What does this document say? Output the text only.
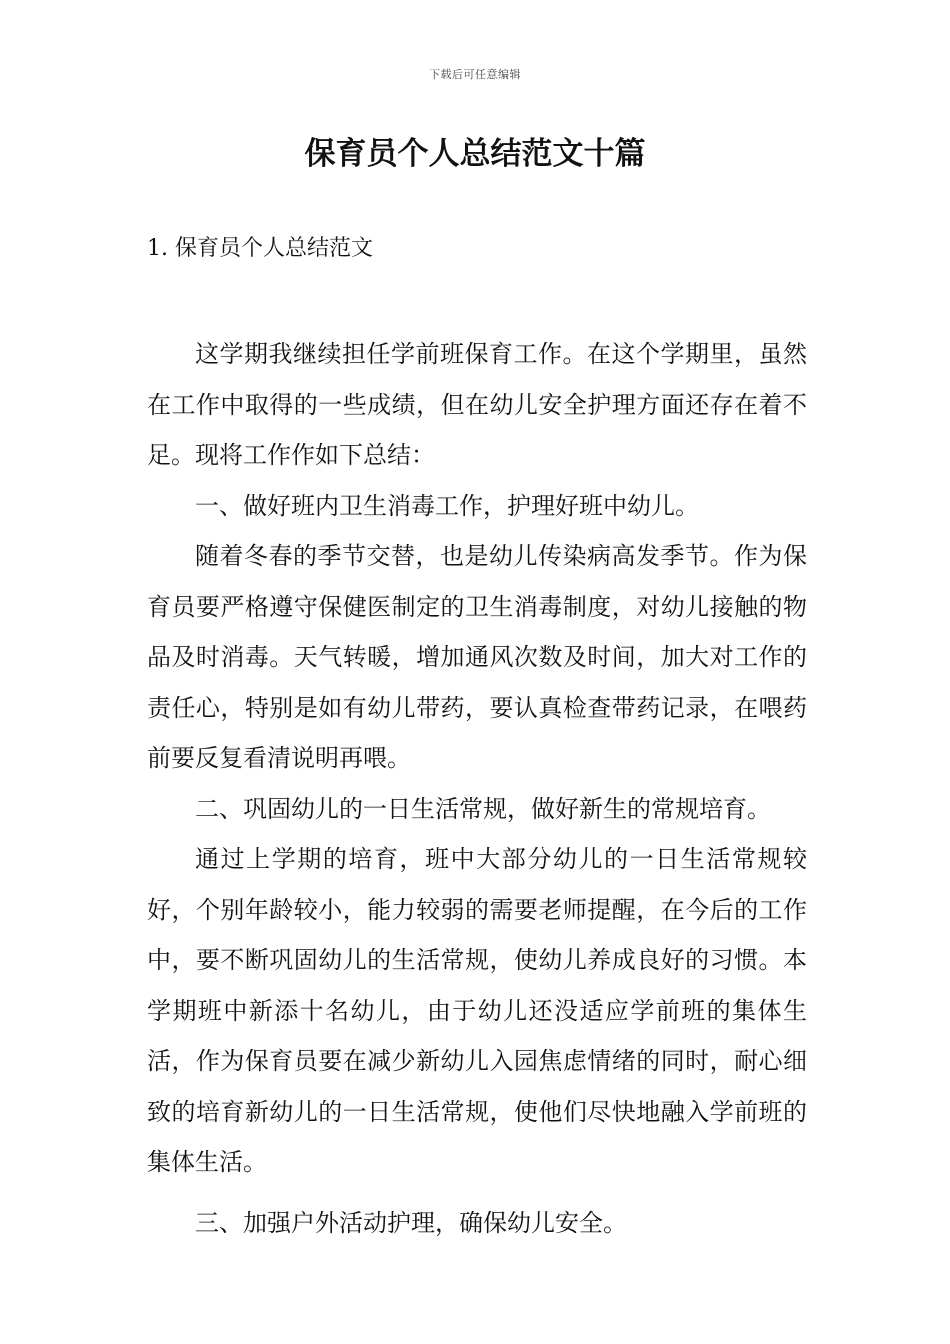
下载后可任意编辑
保育员个人总结范文十篇
1. 保育员个人总结范文

这学期我继续担任学前班保育工作。在这个学期里，虽然在工作中取得的一些成绩，但在幼儿安全护理方面还存在着不足。现将工作作如下总结：

一、做好班内卫生消毒工作，护理好班中幼儿。

随着冬春的季节交替，也是幼儿传染病高发季节。作为保育员要严格遵守保健医制定的卫生消毒制度，对幼儿接触的物品及时消毒。天气转暖，增加通风次数及时间，加大对工作的责任心，特别是如有幼儿带药，要认真检查带药记录，在喂药前要反复看清说明再喂。

二、巩固幼儿的一日生活常规，做好新生的常规培育。

通过上学期的培育，班中大部分幼儿的一日生活常规较好，个别年龄较小，能力较弱的需要老师提醒，在今后的工作中，要不断巩固幼儿的生活常规，使幼儿养成良好的习惯。本学期班中新添十名幼儿，由于幼儿还没适应学前班的集体生活，作为保育员要在减少新幼儿入园焦虑情绪的同时，耐心细致的培育新幼儿的一日生活常规，使他们尽快地融入学前班的集体生活。

三、加强户外活动护理，确保幼儿安全。
